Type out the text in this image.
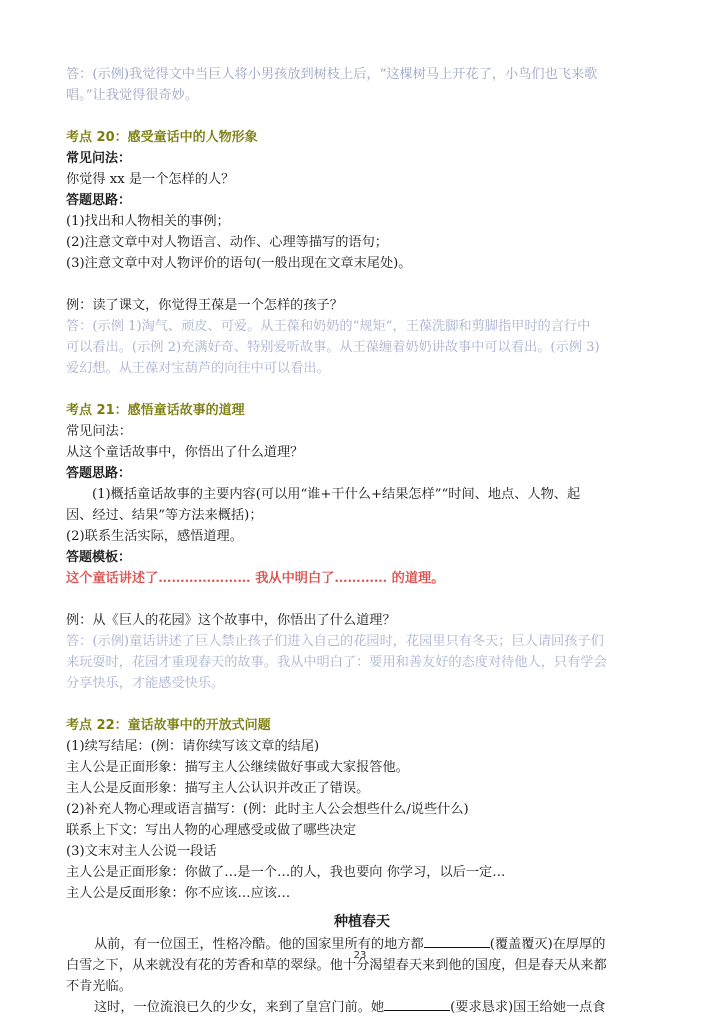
答：(示例)我觉得文中当巨人将小男孩放到树枝上后，“这棵树马上开花了，小鸟们也飞来歌
唱。”让我觉得很奇妙。
考点 20：感受童话中的人物形象
常见问法：
你觉得 xx 是一个怎样的人？
答题思路：
(1)找出和人物相关的事例；
(2)注意文章中对人物语言、动作、心理等描写的语句；
(3)注意文章中对人物评价的语句(一般出现在文章末尾处)。
例：读了课文，你觉得王葆是一个怎样的孩子？
答：(示例 1)淘气、顽皮、可爱。从王葆和奶奶的“规矩”，王葆洗脚和剪脚指甲时的言行中
可以看出。(示例 2)充满好奇、特别爱听故事。从王葆缠着奶奶讲故事中可以看出。(示例 3)
爱幻想。从王葆对宝葫芦的向往中可以看出。
考点 21：感悟童话故事的道理
常见问法：
从这个童话故事中，你悟出了什么道理？
答题思路：
(1)概括童话故事的主要内容(可以用“谁+干什么+结果怎样”“时间、地点、人物、起
因、经过、结果”等方法来概括)；
(2)联系生活实际，感悟道理。
答题模板：
这个童话讲述了………………… 我从中明白了………… 的道理。
例：从《巨人的花园》这个故事中，你悟出了什么道理？
答：(示例)童话讲述了巨人禁止孩子们进入自己的花园时，花园里只有冬天；巨人请回孩子们
来玩耍时，花园才重现春天的故事。我从中明白了：要用和善友好的态度对待他人，只有学会
分享快乐，才能感受快乐。
考点 22：童话故事中的开放式问题
(1)续写结尾：(例：请你续写该文章的结尾)
主人公是正面形象：描写主人公继续做好事或大家报答他。
主人公是反面形象：描写主人公认识并改正了错误。
(2)补充人物心理或语言描写：(例：此时主人公会想些什么/说些什么)
联系上下文：写出人物的心理感受或做了哪些决定
(3)文末对主人公说一段话
主人公是正面形象：你做了…是一个…的人，我也要向 你学习，以后一定…
主人公是反面形象：你不应该…应该…
种植春天
从前，有一位国王，性格冷酷。他的国家里所有的地方都	(覆盖覆灭)在厚厚的
白雪之下，从来就没有花的芳香和草的翠绿。他十分渴望春天来到他的国度，但是春天从来都
不肯光临。
这时，一位流浪已久的少女，来到了皇宫门前。她	(要求恳求)国王给她一点食
23
